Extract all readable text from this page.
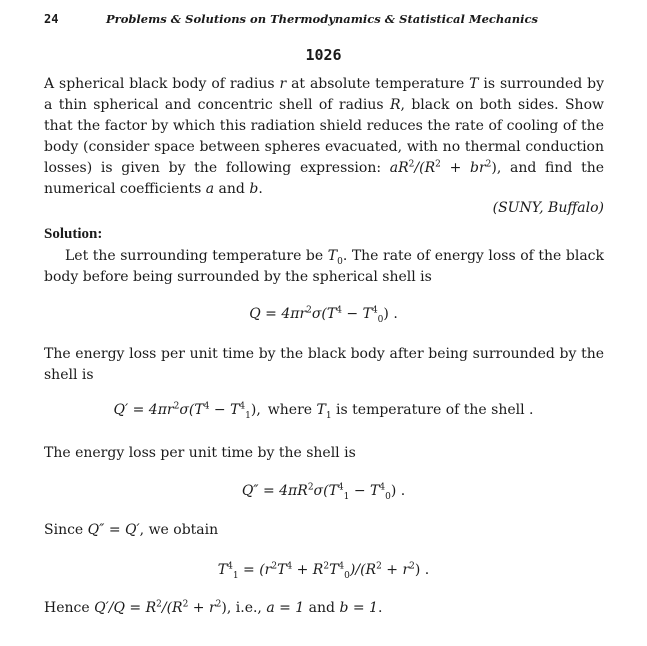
24	Problems & Solutions on Thermodynamics & Statistical Mechanics
1026
A spherical black body of radius r at absolute temperature T is surrounded by a thin spherical and concentric shell of radius R, black on both sides. Show that the factor by which this radiation shield reduces the rate of cooling of the body (consider space between spheres evacuated, with no thermal conduction losses) is given by the following expression: $aR^2/(R^2 + br^2)$, and find the numerical coefficients a and b.
(SUNY, Buffalo)
Solution:
  Let the surrounding temperature be $T_0$. The rate of energy loss of the black body before being surrounded by the spherical shell is
$Q = 4\pi r^2\sigma(T^4 - T^4_0)$ .
The energy loss per unit time by the black body after being surrounded by the shell is
$Q' = 4\pi r^2\sigma(T^4 - T^4_1)$,  where $T_1$ is temperature of the shell .
The energy loss per unit time by the shell is
$Q'' = 4\pi R^2\sigma(T^4_1 - T^4_0)$ .
Since Q″ = Q′, we obtain
$T^4_1 = (r^2T^4 + R^2T^4_0)/(R^2 + r^2)$ .
Hence $Q'/Q = R^2/(R^2 + r^2)$, i.e., a = 1 and b = 1.
